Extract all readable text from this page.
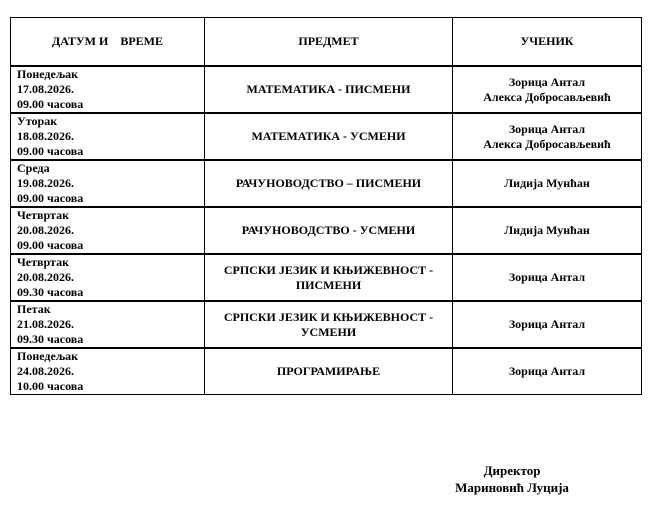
ДАТУМ И    ВРЕМЕ	ПРЕДМЕТ	УЧЕНИК

Понедељак
17.08.2026.
09.00 часова	МАТЕМАТИКА - ПИСМЕНИ	Зорица Антал
Алекса Добросављевић

Уторак
18.08.2026.
09.00 часова	МАТЕМАТИКА - УСМЕНИ	Зорица Антал
Алекса Добросављевић

Среда
19.08.2026.
09.00 часова	РАЧУНОВОДСТВО – ПИСМЕНИ	Лидија Мунћан

Четвртак
20.08.2026.
09.00 часова	РАЧУНОВОДСТВО - УСМЕНИ	Лидија Мунћан

Четвртак
20.08.2026.
09.30 часова	СРПСКИ ЈЕЗИК И КЊИЖЕВНОСТ -
ПИСМЕНИ	Зорица Антал

Петак
21.08.2026.
09.30 часова	СРПСКИ ЈЕЗИК И КЊИЖЕВНОСТ -
УСМЕНИ	Зорица Антал

Понедељак
24.08.2026.
10.00 часова	ПРОГРАМИРАЊЕ	Зорица Антал
Директор
Мариновић Луција
